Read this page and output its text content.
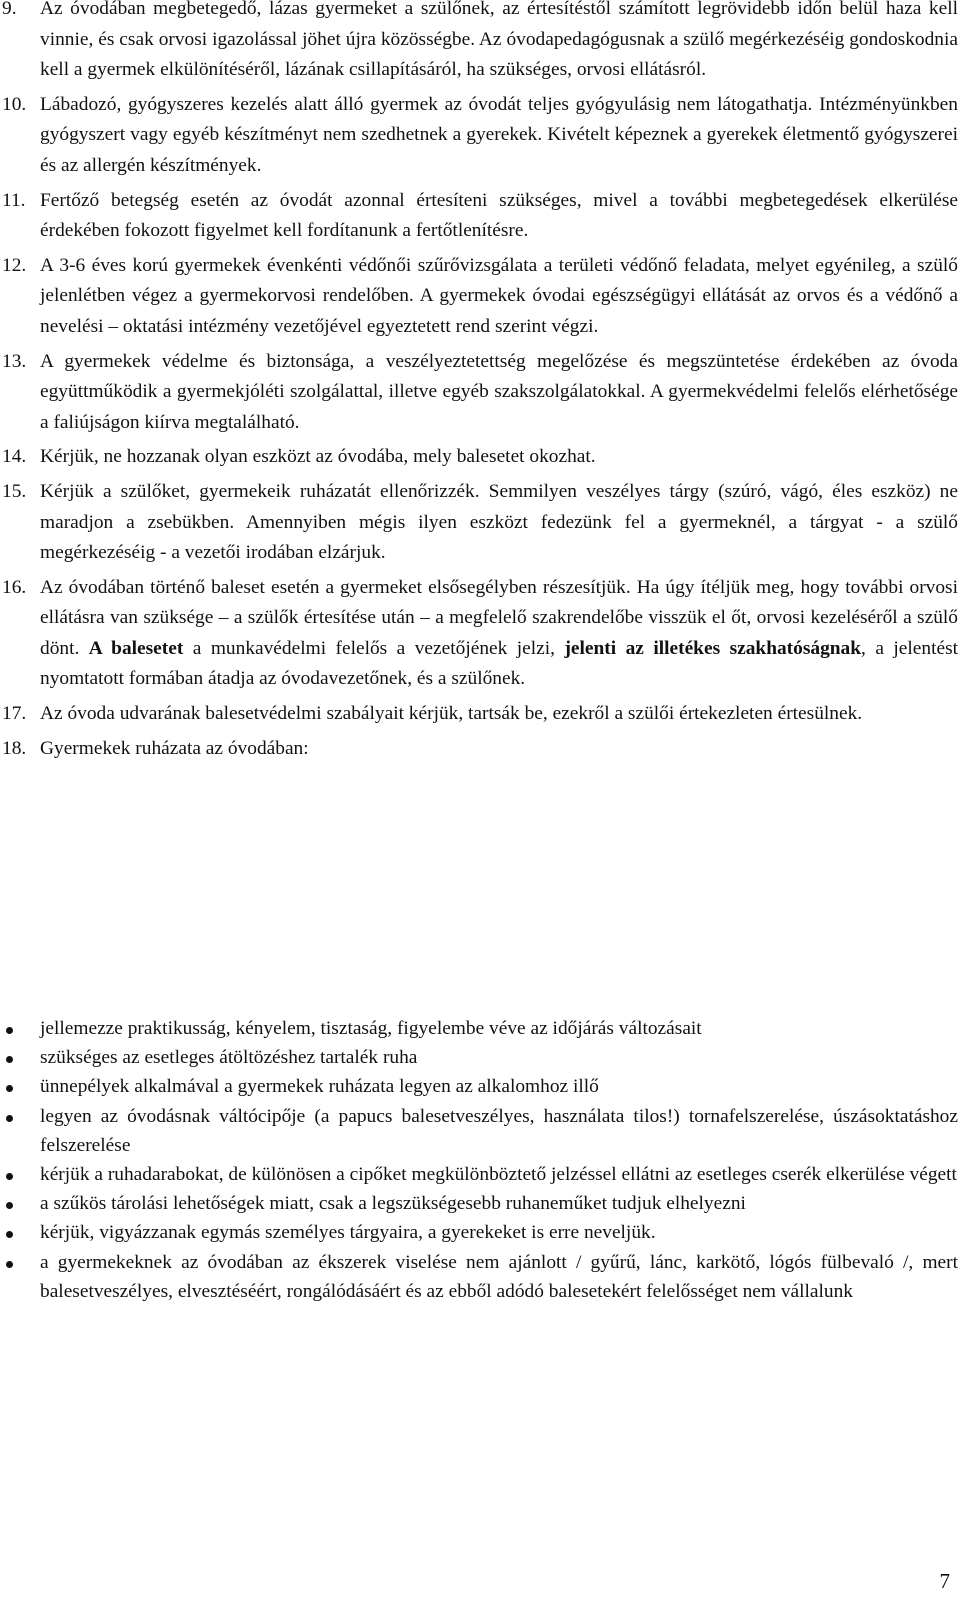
9. Az óvodában megbetegedő, lázas gyermeket a szülőnek, az értesítéstől számított legrövidebb időn belül haza kell vinnie, és csak orvosi igazolással jöhet újra közösségbe. Az óvodapedagógusnak a szülő megérkezéséig gondoskodnia kell a gyermek elkülönítéséről, lázának csillapításáról, ha szükséges, orvosi ellátásról.
10. Lábadozó, gyógyszeres kezelés alatt álló gyermek az óvodát teljes gyógyulásig nem látogathatja. Intézményünkben gyógyszert vagy egyéb készítményt nem szedhetnek a gyerekek. Kivételt képeznek a gyerekek életmentő gyógyszerei és az allergén készítmények.
11. Fertőző betegség esetén az óvodát azonnal értesíteni szükséges, mivel a további megbetegedések elkerülése érdekében fokozott figyelmet kell fordítanunk a fertőtlenítésre.
12. A 3-6 éves korú gyermekek évenkénti védőnői szűrővizsgálata a területi védőnő feladata, melyet egyénileg, a szülő jelenlétben végez a gyermekorvosi rendelőben. A gyermekek óvodai egészségügyi ellátását az orvos és a védőnő a nevelési – oktatási intézmény vezetőjével egyeztetett rend szerint végzi.
13. A gyermekek védelme és biztonsága, a veszélyeztetettség megelőzése és megszüntetése érdekében az óvoda együttműködik a gyermekjóléti szolgálattal, illetve egyéb szakszolgálatokkal. A gyermekvédelmi felelős elérhetősége a faliújságon kiírva megtalálható.
14. Kérjük, ne hozzanak olyan eszközt az óvodába, mely balesetet okozhat.
15. Kérjük a szülőket, gyermekeik ruházatát ellenőrizzék. Semmilyen veszélyes tárgy (szúró, vágó, éles eszköz) ne maradjon a zsebükben. Amennyiben mégis ilyen eszközt fedezünk fel a gyermeknél, a tárgyat - a szülő megérkezéséig - a vezetői irodában elzárjuk.
16. Az óvodában történő baleset esetén a gyermeket elsősegélyben részesítjük. Ha úgy ítéljük meg, hogy további orvosi ellátásra van szüksége – a szülők értesítése után – a megfelelő szakrendelőbe visszük el őt, orvosi kezeléséről a szülő dönt. A balesetet a munkavédelmi felelős a vezetőjének jelzi, jelenti az illetékes szakhatóságnak, a jelentést nyomtatott formában átadja az óvodavezetőnek, és a szülőnek.
17. Az óvoda udvarának balesetvédelmi szabályait kérjük, tartsák be, ezekről a szülői értekezleten értesülnek.
18. Gyermekek ruházata az óvodában:
jellemezze praktikusság, kényelem, tisztaság, figyelembe véve az időjárás változásait
szükséges az esetleges átöltözéshez tartalék ruha
ünnepélyek alkalmával a gyermekek ruházata legyen az alkalomhoz illő
legyen az óvodásnak váltócipője (a papucs balesetveszélyes, használata tilos!) tornafelszerelése, úszásoktatáshoz felszerelése
kérjük a ruhadarabokat, de különösen a cipőket megkülönböztető jelzéssel ellátni az esetleges cserék elkerülése végett
a szűkös tárolási lehetőségek miatt, csak a legszükségesebb ruhaneműket tudjuk elhelyezni
kérjük, vigyázzanak egymás személyes tárgyaira, a gyerekeket is erre neveljük.
a gyermekeknek az óvodában az ékszerek viselése nem ajánlott / gyűrű, lánc, karkötő, lógós fülbevaló /, mert balesetveszélyes, elvesztéséért, rongálódásáért és az ebből adódó balesetekért felelősséget nem vállalunk
7
